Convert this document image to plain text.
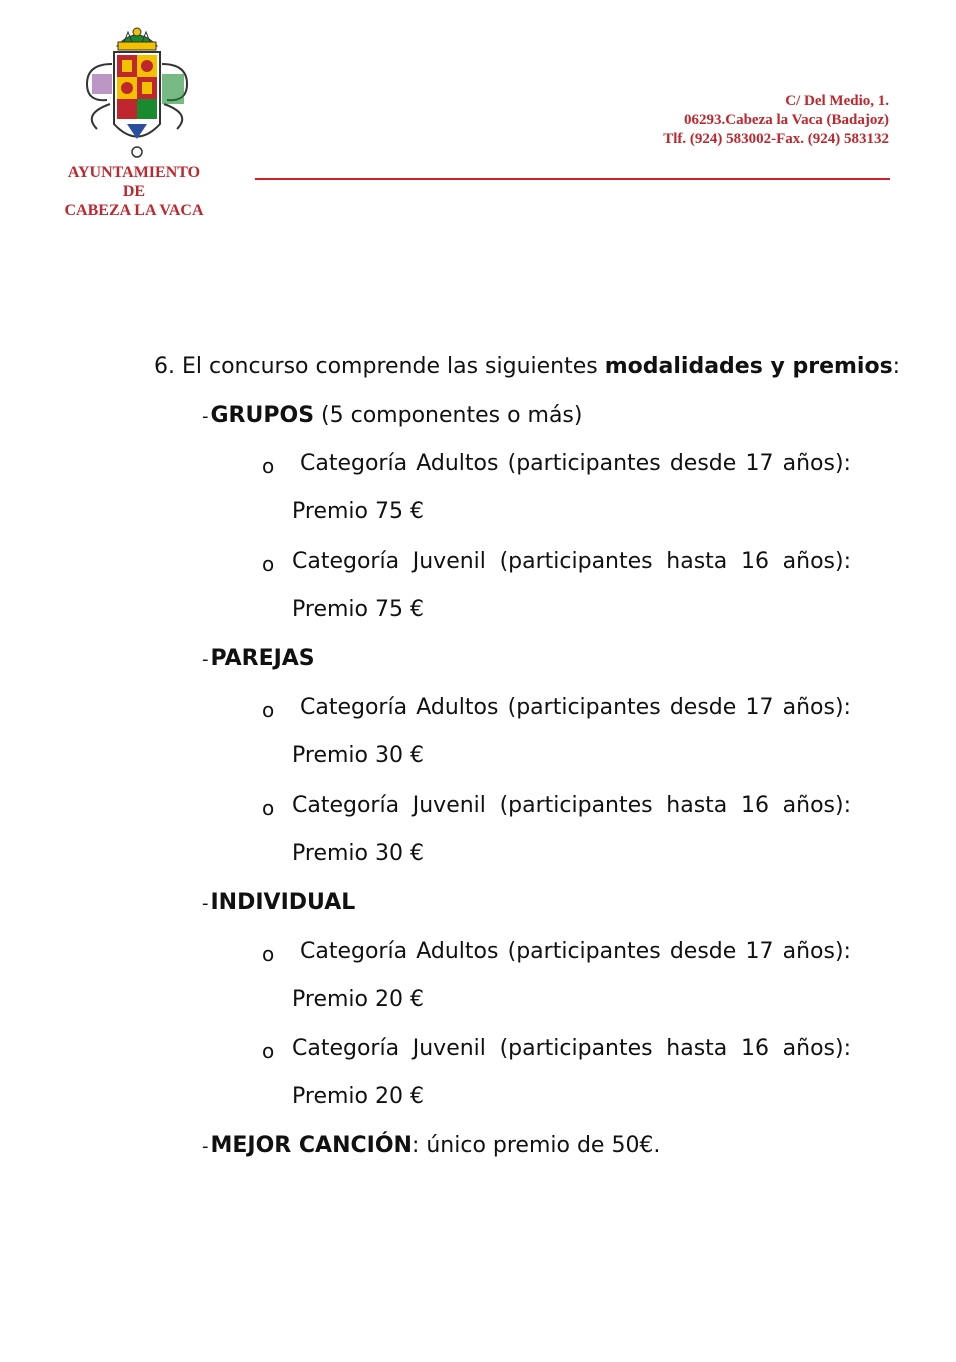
AYUNTAMIENTO
DE
CABEZA LA VACA
C/ Del Medio, 1.
06293.Cabeza la Vaca (Badajoz)
Tlf. (924) 583002-Fax. (924) 583132
6. El concurso comprende las siguientes modalidades y premios:
-GRUPOS (5 componentes o más)
o Categoría Adultos (participantes desde 17 años):
Premio 75 €
o Categoría Juvenil (participantes hasta 16 años):
Premio 75 €
-PAREJAS
o Categoría Adultos (participantes desde 17 años):
Premio 30 €
o Categoría Juvenil (participantes hasta 16 años):
Premio 30 €
-INDIVIDUAL
o Categoría Adultos (participantes desde 17 años):
Premio 20 €
o Categoría Juvenil (participantes hasta 16 años):
Premio 20 €
-MEJOR CANCIÓN: único premio de 50€.
